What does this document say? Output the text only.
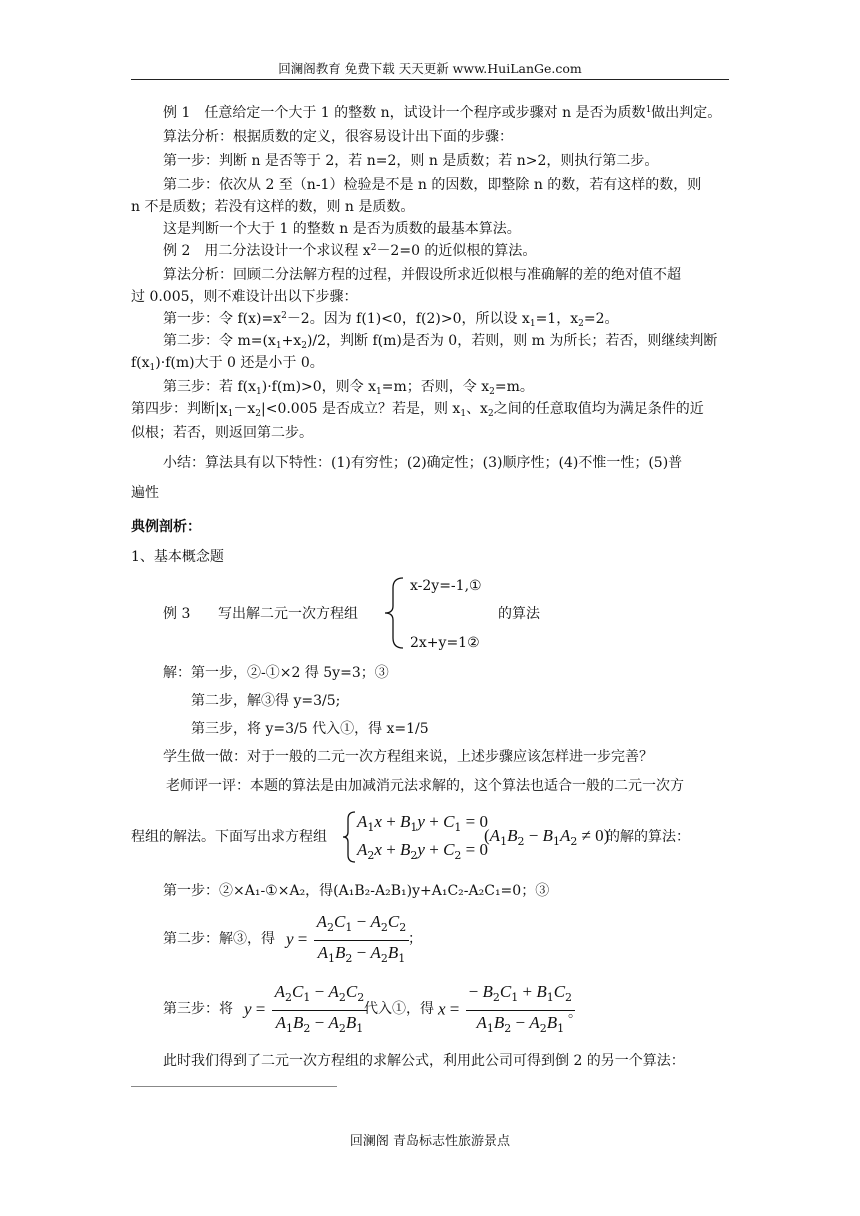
回澜阁教育 免费下载 天天更新 www.HuiLanGe.com
例 1　任意给定一个大于 1 的整数 n，试设计一个程序或步骤对 n 是否为质数$^1$做出判定。
算法分析：根据质数的定义，很容易设计出下面的步骤：
第一步：判断 n 是否等于 2，若 n=2，则 n 是质数；若 n>2，则执行第二步。
第二步：依次从 2 至（n-1）检验是不是 n 的因数，即整除 n 的数，若有这样的数，则
n 不是质数；若没有这样的数，则 n 是质数。
这是判断一个大于 1 的整数 n 是否为质数的最基本算法。
例 2　用二分法设计一个求议程 $x^2-2=0$ 的近似根的算法。
算法分析：回顾二分法解方程的过程，并假设所求近似根与准确解的差的绝对值不超
过 0.005，则不难设计出以下步骤：
第一步：令 $f(x)=x^2-2$。因为 f(1)<0，f(2)>0，所以设 $x_1=1$，$x_2=2$。
第二步：令 $m=(x_1+x_2)/2$，判断 f(m)是否为 0，若则，则 m 为所长；若否，则继续判断
$f(x_1)\cdot f(m)$大于 0 还是小于 0。
第三步：若 $f(x_1)\cdot f(m)>0$，则令 $x_1=m$；否则，令 $x_2=m$。
第四步：判断$|x_1-x_2|<0.005$ 是否成立？若是，则 $x_1$、$x_2$之间的任意取值均为满足条件的近
似根；若否，则返回第二步。
小结：算法具有以下特性：(1)有穷性；(2)确定性；(3)顺序性；(4)不惟一性；(5)普
遍性
典例剖析：
1、基本概念题
例 3 写出解二元一次方程组
x-2y=-1,①
2x+y=1②
的算法
解：第一步，②-①×2 得 5y=3；③
第二步，解③得 y=3/5;
第三步，将 y=3/5 代入①，得 x=1/5
学生做一做：对于一般的二元一次方程组来说，上述步骤应该怎样进一步完善？
老师评一评：本题的算法是由加减消元法求解的，这个算法也适合一般的二元一次方
程组的解法。下面写出求方程组
$A_1x + B_1y + C_1 = 0$
$A_2x + B_2y + C_2 = 0$
$(A_1B_2 - B_1A_2 \ne 0)$
的解的算法：
第一步：②×A₁-①×A₂，得(A₁B₂-A₂B₁)y+A₁C₂-A₂C₁=0；③
第二步：解③，得 $y = \frac{A_2C_1 - A_2C_2}{A_1B_2 - A_2B_1}$
；
第三步：将 $y = \frac{A_2C_1 - A_2C_2}{A_1B_2 - A_2B_1}$
代入①，得 $x = \frac{- B_2C_1 + B_1C_2}{A_1B_2 - A_2B_1}$
。
此时我们得到了二元一次方程组的求解公式，利用此公司可得到倒 2 的另一个算法：
回澜阁 青岛标志性旅游景点
